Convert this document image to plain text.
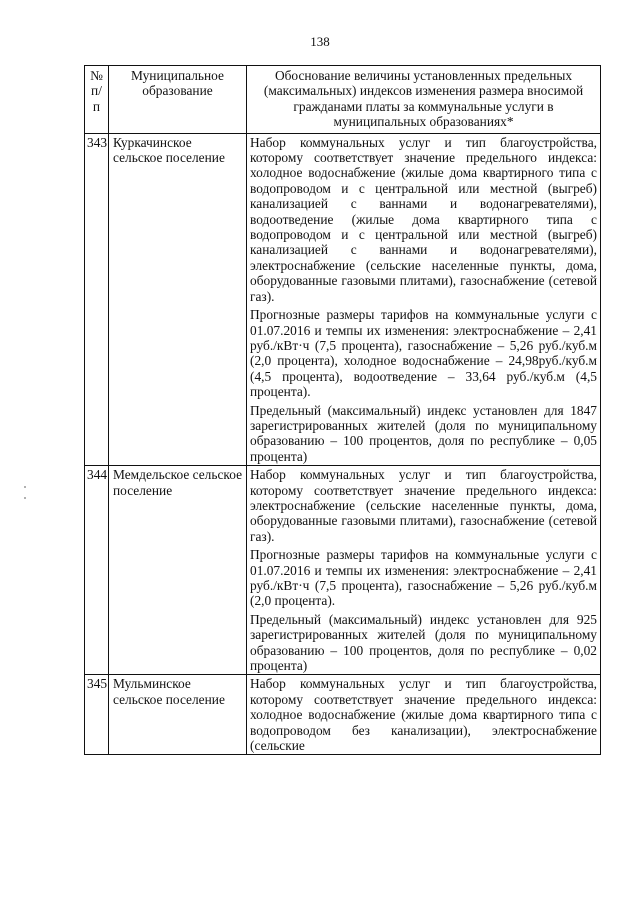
138
№ п/п	Муниципальное образование	Обоснование величины установленных предельных (максимальных) индексов изменения размера вносимой гражданами платы за коммунальные услуги в муниципальных образованиях*
343	Куркачинское сельское поселение	Набор коммунальных услуг и тип благоустройства, которому соответствует значение предельного индекса: холодное водоснабжение (жилые дома квартирного типа с водопроводом и с центральной или местной (выгреб) канализацией с ваннами и водонагревателями), водоотведение (жилые дома квартирного типа с водопроводом и с центральной или местной (выгреб) канализацией с ваннами и водонагревателями), электроснабжение (сельские населенные пункты, дома, оборудованные газовыми плитами), газоснабжение (сетевой газ).

Прогнозные размеры тарифов на коммунальные услуги с 01.07.2016 и темпы их изменения: электроснабжение – 2,41 руб./кВт·ч (7,5 процента), газоснабжение – 5,26 руб./куб.м (2,0 процента), холодное водоснабжение – 24,98руб./куб.м (4,5 процента), водоотведение – 33,64 руб./куб.м (4,5 процента).

Предельный (максимальный) индекс установлен для 1847 зарегистрированных жителей (доля по муниципальному образованию – 100 процентов, доля по республике – 0,05 процента)

344	Мемдельское сельское поселение	Набор коммунальных услуг и тип благоустройства, которому соответствует значение предельного индекса: электроснабжение (сельские населенные пункты, дома, оборудованные газовыми плитами), газоснабжение (сетевой газ).

Прогнозные размеры тарифов на коммунальные услуги с 01.07.2016 и темпы их изменения: электроснабжение – 2,41 руб./кВт·ч (7,5 процента), газоснабжение – 5,26 руб./куб.м (2,0 процента).

Предельный (максимальный) индекс установлен для 925 зарегистрированных жителей (доля по муниципальному образованию – 100 процентов, доля по республике – 0,02 процента)

345	Мульминское сельское поселение	Набор коммунальных услуг и тип благоустройства, которому соответствует значение предельного индекса: холодное водоснабжение (жилые дома квартирного типа с водопроводом без канализации), электроснабжение (сельские
